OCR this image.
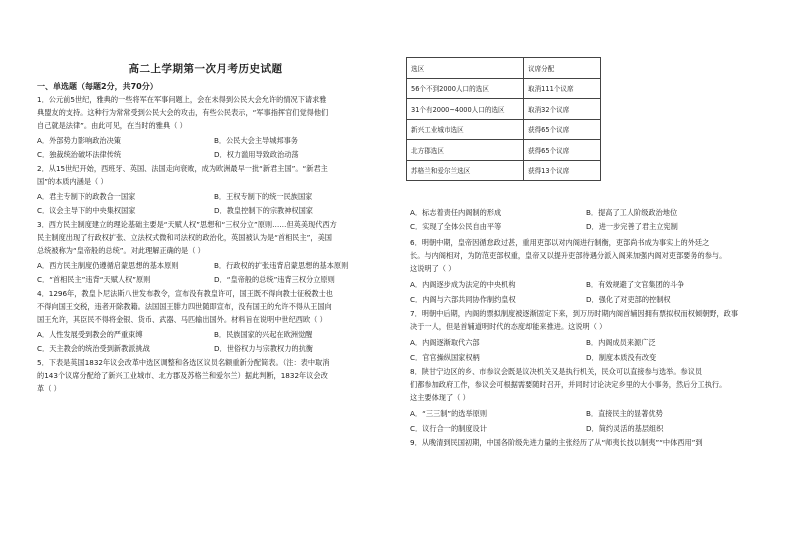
高二上学期第一次月考历史试题
一、单选题（每题2分，共70分）
1．公元前5世纪，雅典的一些将军在军事问题上，会在未得到公民大会允许的情况下请求雅
典盟友的支持。这种行为常常受到公民大会的攻击，有些公民表示，“军事指挥官们觉得他们
自己就是法律”。由此可见，在当时的雅典（ ）
A．外部势力影响政治决策	B．公民大会主导城邦事务
C．独裁统治破坏法律传统	D．权力滥用导致政治动荡
2．从15世纪开始，西班牙、英国、法国走向衰败，成为欧洲最早一批“新君主国”。“新君主
国”的本质内涵是（ ）
A．君主专制下的政教合一国家	B．王权专制下的统一民族国家
C．议会主导下的中央集权国家	D．教皇控制下的宗教神权国家
3．西方民主制度建立的理论基础主要是“天赋人权”思想和“三权分立”原则……但英美现代西方
民主制度出现了行政权扩张、立法权式微和司法权的政治化，英国被认为是“首相民主”，美国
总统被称为“皇帝般的总统”。对此理解正确的是（ ）
A．西方民主制度仍遵循启蒙思想的基本原则	B．行政权的扩张违背启蒙思想的基本原则
C．“首相民主”违背“天赋人权”原则	D．“皇帝般的总统”违背三权分立原则
4．1296年，教皇卜尼法斯八世发布教令，宣布没有教皇许可，国王既不得向教士征税教士也
不得向国王交税，违者开除教籍。法国国王腓力四世随即宣布，没有国王的允许不得从王国向
国王允许，其臣民不得将金银、货币、武器、马匹输出国外。材料旨在说明中世纪西欧（ ）
A．人性发展受到教会的严重束缚	B．民族国家的兴起在欧洲觉醒
C．天主教会的统治受到新教派挑战	D．世俗权力与宗教权力的抗衡
5．下表是英国1832年议会改革中选区调整和各选区议员名额重新分配简表。（注：表中取消
的143个议席分配给了新兴工业城市、北方郡及苏格兰和爱尔兰）据此判断，1832年议会改
革（ ）
选区	议席分配
56个不到2000人口的选区	取消111个议席
31个有2000~4000人口的选区	取消32个议席
新兴工业城市选区	获得65个议席
北方郡选区	获得65个议席
苏格兰和爱尔兰选区	获得13个议席
A．标志着责任内阁制的形成	B．提高了工人阶级政治地位
C．实现了全体公民自由平等	D．进一步完善了君主立宪制
6．明朝中期，皇帝因循怠政过甚，重用吏部以对内阁进行制衡，吏部尚书成为事实上的外廷之
长。与内阁相对，为防范吏部权重，皇帝又以提升吏部待遇分派入阁来加强内阁对吏部要务的参与。
这说明了（ ）
A．内阁逐步成为法定的中央机构	B．有效规避了文官集团的斗争
C．内阁与六部共同协作制约皇权	D．强化了对吏部的控制权
7．明朝中后期，内阁的票拟制度被逐渐固定下来，到万历时期内阁首辅因拥有票拟权而权倾朝野，政事
决于一人，但是首辅道明时代的态度却能来推进。这说明（ ）
A．内阁逐渐取代六部	B．内阁成员来源广泛
C．官官操纵国家权柄	D．制度本质没有改变
8．陕甘宁边区的乡、市参议会既是议决机关又是执行机关，民众可以直接参与选举。参议员
们都参加政府工作，参议会可根据需要随时召开，并同时讨论决定乡里的大小事务，然后分工执行。
这主要体现了（ ）
A．“三三制”的选举原则	B．直接民主的显著优势
C．议行合一的制度设计	D．简约灵活的基层组织
9．从晚清到民国初期，中国各阶级先进力量的主张经历了从“师夷长技以制夷”“中体西用”到
